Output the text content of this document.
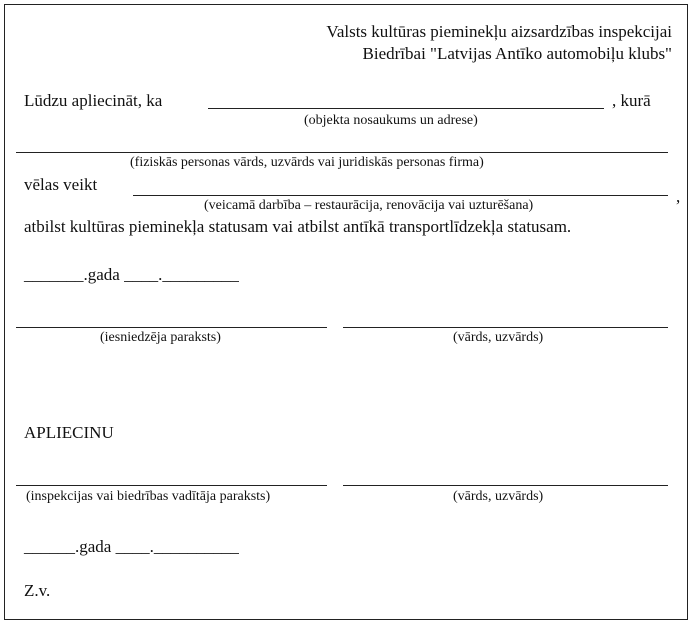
Valsts kultūras pieminekļu aizsardzības inspekcijai
Biedrībai "Latvijas Antīko automobiļu klubs"
Lūdzu apliecināt, ka	, kurā
(objekta nosaukums un adrese)
(fiziskās personas vārds, uzvārds vai juridiskās personas firma)
vēlas veikt
,
(veicamā darbība – restaurācija, renovācija vai uzturēšana)
atbilst kultūras pieminekļa statusam vai atbilst antīkā transportlīdzekļa statusam.
_______.gada ____._________
(iesniedzēja paraksts)	(vārds, uzvārds)
APLIECINU
(inspekcijas vai biedrības vadītāja paraksts)	(vārds, uzvārds)
______.gada ____.__________
Z.v.
